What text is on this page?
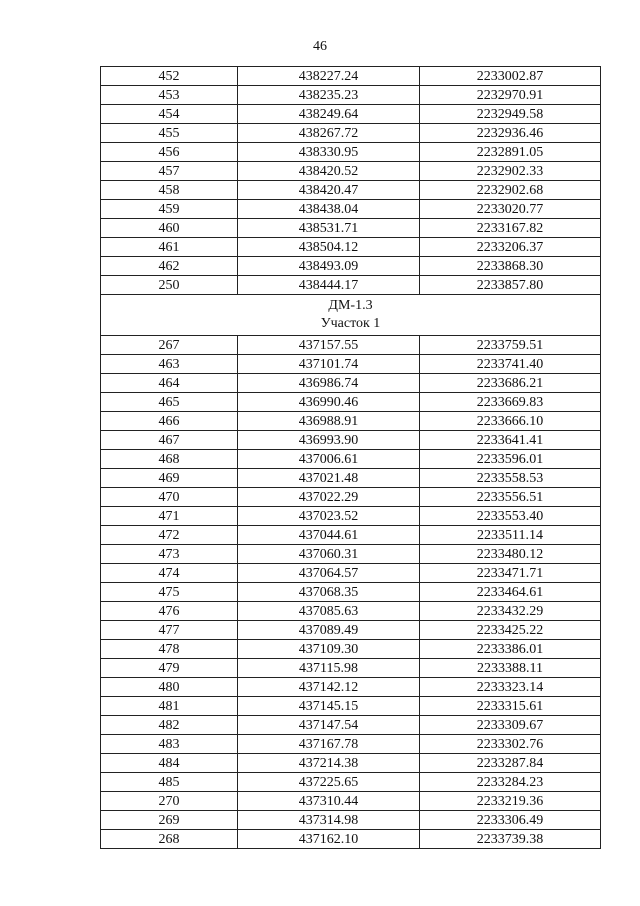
46
452	438227.24	2233002.87
453	438235.23	2232970.91
454	438249.64	2232949.58
455	438267.72	2232936.46
456	438330.95	2232891.05
457	438420.52	2232902.33
458	438420.47	2232902.68
459	438438.04	2233020.77
460	438531.71	2233167.82
461	438504.12	2233206.37
462	438493.09	2233868.30
250	438444.17	2233857.80

ДМ-1.3
Участок 1		

267	437157.55	2233759.51
463	437101.74	2233741.40
464	436986.74	2233686.21
465	436990.46	2233669.83
466	436988.91	2233666.10
467	436993.90	2233641.41
468	437006.61	2233596.01
469	437021.48	2233558.53
470	437022.29	2233556.51
471	437023.52	2233553.40
472	437044.61	2233511.14
473	437060.31	2233480.12
474	437064.57	2233471.71
475	437068.35	2233464.61
476	437085.63	2233432.29
477	437089.49	2233425.22
478	437109.30	2233386.01
479	437115.98	2233388.11
480	437142.12	2233323.14
481	437145.15	2233315.61
482	437147.54	2233309.67
483	437167.78	2233302.76
484	437214.38	2233287.84
485	437225.65	2233284.23
270	437310.44	2233219.36
269	437314.98	2233306.49
268	437162.10	2233739.38
